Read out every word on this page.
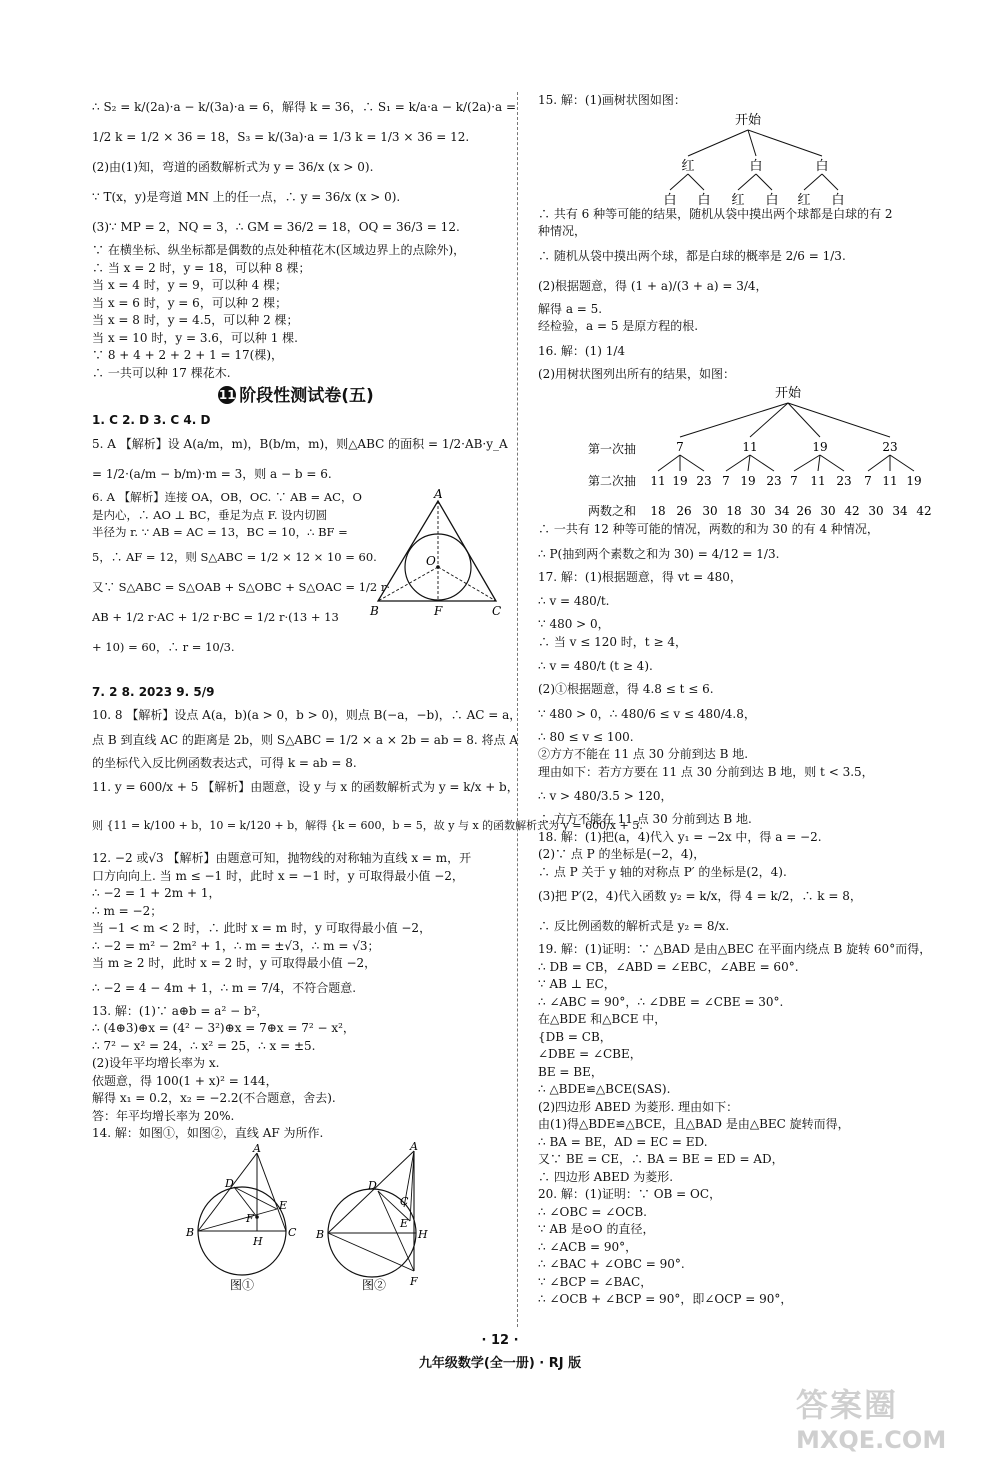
∴ S₂ = k/(2a)·a − k/(3a)·a = 6，解得 k = 36，∴ S₁ = k/a·a − k/(2a)·a =
1/2 k = 1/2 × 36 = 18，S₃ = k/(3a)·a = 1/3 k = 1/3 × 36 = 12.
(2)由(1)知，弯道的函数解析式为 y = 36/x (x > 0).
∵ T(x，y)是弯道 MN 上的任一点，∴ y = 36/x (x > 0).
(3)∵ MP = 2，NQ = 3，∴ GM = 36/2 = 18，OQ = 36/3 = 12.
∵ 在横坐标、纵坐标都是偶数的点处种植花木(区域边界上的点除外)，
∴ 当 x = 2 时，y = 18，可以种 8 棵；
当 x = 4 时，y = 9，可以种 4 棵；
当 x = 6 时，y = 6，可以种 2 棵；
当 x = 8 时，y = 4.5，可以种 2 棵；
当 x = 10 时，y = 3.6，可以种 1 棵.
∵ 8 + 4 + 2 + 2 + 1 = 17(棵)，
∴ 一共可以种 17 棵花木.
11 阶段性测试卷(五)
1. C 2. D 3. C 4. D
5. A 【解析】设 A(a/m，m)，B(b/m，m)，则△ABC 的面积 = 1/2·AB·y_A
= 1/2·(a/m − b/m)·m = 3，则 a − b = 6.
6. A 【解析】连接 OA，OB，OC. ∵ AB = AC，O
是内心，∴ AO ⊥ BC，垂足为点 F. 设内切圆
半径为 r. ∵ AB = AC = 13，BC = 10，∴ BF =
5，∴ AF = 12，则 S△ABC = 1/2 × 12 × 10 = 60.
又∵ S△ABC = S△OAB + S△OBC + S△OAC = 1/2 r·
AB + 1/2 r·AC + 1/2 r·BC = 1/2 r·(13 + 13
+ 10) = 60，∴ r = 10/3.
A
B	C
O
F
7. 2 8. 2023 9. 5/9
10. 8 【解析】设点 A(a，b)(a > 0，b > 0)，则点 B(−a，−b)，∴ AC = a，
点 B 到直线 AC 的距离是 2b，则 S△ABC = 1/2 × a × 2b = ab = 8. 将点 A
的坐标代入反比例函数表达式，可得 k = ab = 8.
11. y = 600/x + 5 【解析】由题意，设 y 与 x 的函数解析式为 y = k/x + b，
则 {11 = k/100 + b，10 = k/120 + b，解得 {k = 600，b = 5，故 y 与 x 的函数解析式为 y = 600/x + 5.
12. −2 或√3 【解析】由题意可知，抛物线的对称轴为直线 x = m，开
口方向向上. 当 m ≤ −1 时，此时 x = −1 时，y 可取得最小值 −2，
∴ −2 = 1 + 2m + 1，
∴ m = −2；
当 −1 < m < 2 时，∴ 此时 x = m 时，y 可取得最小值 −2，
∴ −2 = m² − 2m² + 1，∴ m = ±√3，∴ m = √3；
当 m ≥ 2 时，此时 x = 2 时，y 可取得最小值 −2，
∴ −2 = 4 − 4m + 1，∴ m = 7/4，不符合题意.
13. 解：(1)∵ a⊕b = a² − b²，
∴ (4⊕3)⊕x = (4² − 3²)⊕x = 7⊕x = 7² − x²，
∴ 7² − x² = 24，∴ x² = 25，∴ x = ±5.
(2)设年平均增长率为 x.
依题意，得 100(1 + x)² = 144，
解得 x₁ = 0.2，x₂ = −2.2(不合题意，舍去).
答：年平均增长率为 20%.
14. 解：如图①，如图②，直线 AF 为所作.
A
B	C
D
E
F
H
图①
A
B
C
D
E
F
H
图②
15. 解：(1)画树状图如图：
开始
红	白	白
白 白 红 白 红 白
∴ 共有 6 种等可能的结果，随机从袋中摸出两个球都是白球的有 2
种情况，
∴ 随机从袋中摸出两个球，都是白球的概率是 2/6 = 1/3.
(2)根据题意，得 (1 + a)/(3 + a) = 3/4，
解得 a = 5.
经检验，a = 5 是原方程的根.
16. 解：(1) 1/4
(2)用树状图列出所有的结果，如图：
开始
第一次抽	7	11	19	23
第二次抽 11 19 23 7 19 23 7 11 23 7 11 19
两数之和 18 26 30 18 30 34 26 30 42 30 34 42
∴ 一共有 12 种等可能的情况，两数的和为 30 的有 4 种情况，
∴ P(抽到两个素数之和为 30) = 4/12 = 1/3.
17. 解：(1)根据题意，得 vt = 480，
∴ v = 480/t.
∵ 480 > 0，
∴ 当 v ≤ 120 时，t ≥ 4，
∴ v = 480/t (t ≥ 4).
(2)①根据题意，得 4.8 ≤ t ≤ 6.
∵ 480 > 0，∴ 480/6 ≤ v ≤ 480/4.8，
∴ 80 ≤ v ≤ 100.
②方方不能在 11 点 30 分前到达 B 地.
理由如下：若方方要在 11 点 30 分前到达 B 地，则 t < 3.5，
∴ v > 480/3.5 > 120，
∴ 方方不能在 11 点 30 分前到达 B 地.
18. 解：(1)把(a，4)代入 y₁ = −2x 中，得 a = −2.
(2)∵ 点 P 的坐标是(−2，4)，
∴ 点 P 关于 y 轴的对称点 P′ 的坐标是(2，4).
(3)把 P′(2，4)代入函数 y₂ = k/x，得 4 = k/2，∴ k = 8，
∴ 反比例函数的解析式是 y₂ = 8/x.
19. 解：(1)证明：∵ △BAD 是由△BEC 在平面内绕点 B 旋转 60°而得，
∴ DB = CB，∠ABD = ∠EBC，∠ABE = 60°.
∵ AB ⊥ EC，
∴ ∠ABC = 90°，∴ ∠DBE = ∠CBE = 30°.
在△BDE 和△BCE 中，
{DB = CB，
∠DBE = ∠CBE，
BE = BE，
∴ △BDE≌△BCE(SAS).
(2)四边形 ABED 为菱形. 理由如下：
由(1)得△BDE≌△BCE，且△BAD 是由△BEC 旋转而得，
∴ BA = BE，AD = EC = ED.
又∵ BE = CE，∴ BA = BE = ED = AD，
∴ 四边形 ABED 为菱形.
20. 解：(1)证明：∵ OB = OC，
∴ ∠OBC = ∠OCB.
∵ AB 是⊙O 的直径，
∴ ∠ACB = 90°，
∴ ∠BAC + ∠OBC = 90°.
∵ ∠BCP = ∠BAC，
∴ ∠OCB + ∠BCP = 90°，即∠OCP = 90°，
· 12 ·
九年级数学(全一册) · RJ 版
答案圈
MXQE.COM
